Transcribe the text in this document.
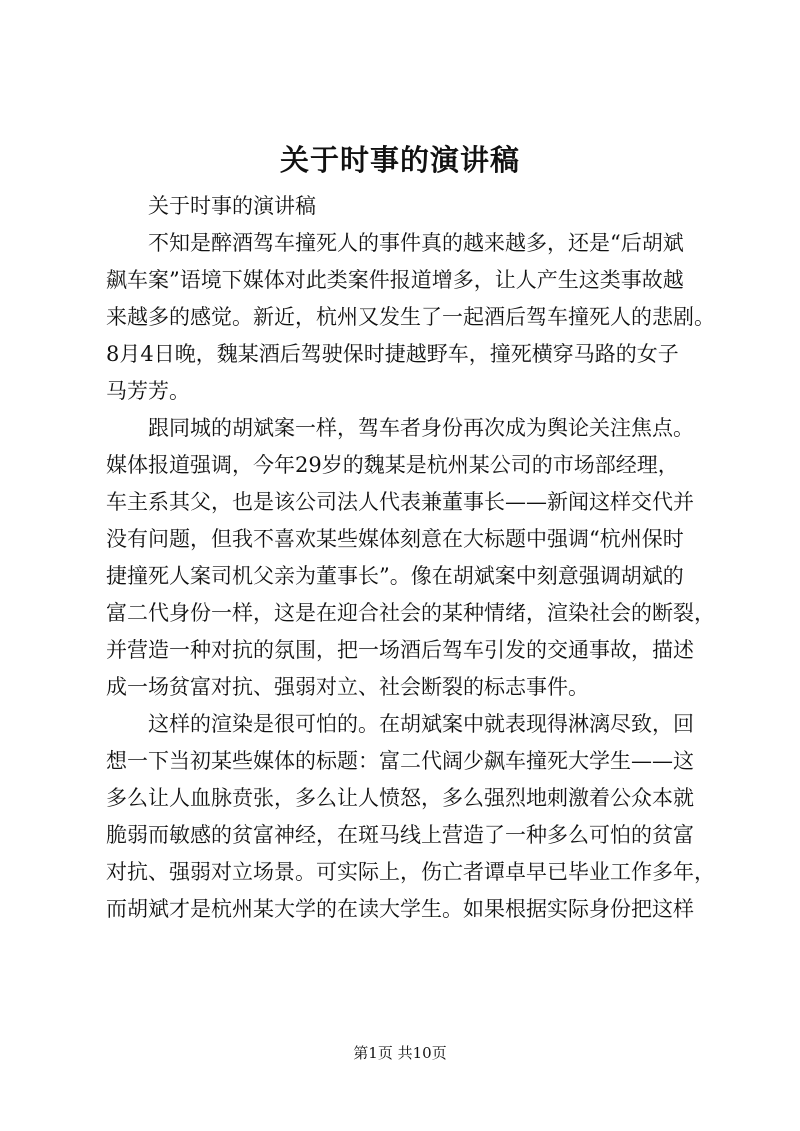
关于时事的演讲稿
关于时事的演讲稿
不知是醉酒驾车撞死人的事件真的越来越多，还是“后胡斌
飙车案”语境下媒体对此类案件报道增多，让人产生这类事故越
来越多的感觉。新近，杭州又发生了一起酒后驾车撞死人的悲剧。
8月4日晚，魏某酒后驾驶保时捷越野车，撞死横穿马路的女子
马芳芳。
跟同城的胡斌案一样，驾车者身份再次成为舆论关注焦点。
媒体报道强调，今年29岁的魏某是杭州某公司的市场部经理，
车主系其父，也是该公司法人代表兼董事长——新闻这样交代并
没有问题，但我不喜欢某些媒体刻意在大标题中强调“杭州保时
捷撞死人案司机父亲为董事长”。像在胡斌案中刻意强调胡斌的
富二代身份一样，这是在迎合社会的某种情绪，渲染社会的断裂，
并营造一种对抗的氛围，把一场酒后驾车引发的交通事故，描述
成一场贫富对抗、强弱对立、社会断裂的标志事件。
这样的渲染是很可怕的。在胡斌案中就表现得淋漓尽致，回
想一下当初某些媒体的标题：富二代阔少飙车撞死大学生——这
多么让人血脉贲张，多么让人愤怒，多么强烈地刺激着公众本就
脆弱而敏感的贫富神经，在斑马线上营造了一种多么可怕的贫富
对抗、强弱对立场景。可实际上，伤亡者谭卓早已毕业工作多年，
而胡斌才是杭州某大学的在读大学生。如果根据实际身份把这样
第1页 共10页
